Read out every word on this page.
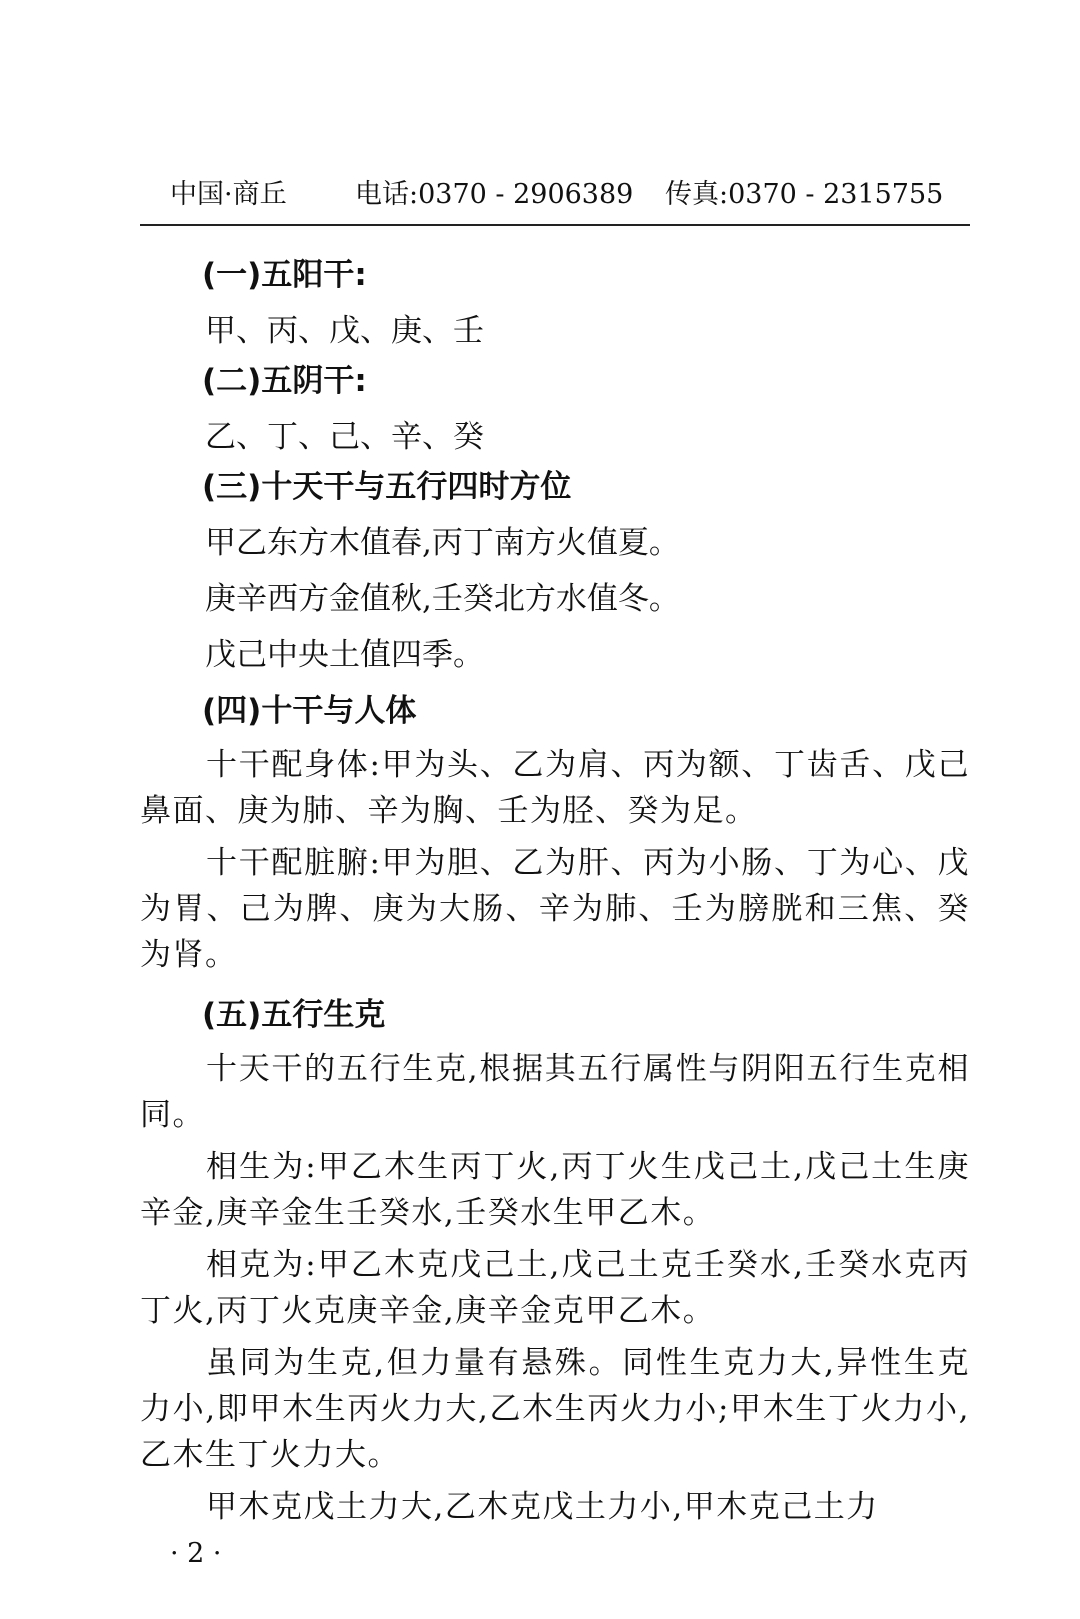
中国·商丘	电话:0370 - 2906389 传真:0370 - 2315755

(一)五阳干:

甲、丙、戊、庚、壬

(二)五阴干:

乙、丁、己、辛、癸

(三)十天干与五行四时方位

甲乙东方木值春,丙丁南方火值夏。

庚辛西方金值秋,壬癸北方水值冬。

戊己中央土值四季。

(四)十干与人体

十干配身体:甲为头、乙为肩、丙为额、丁齿舌、戊己鼻面、庚为肺、辛为胸、壬为胫、癸为足。

十干配脏腑:甲为胆、乙为肝、丙为小肠、丁为心、戊为胃、己为脾、庚为大肠、辛为肺、壬为膀胱和三焦、癸为肾。

(五)五行生克

十天干的五行生克,根据其五行属性与阴阳五行生克相同。

相生为:甲乙木生丙丁火,丙丁火生戊己土,戊己土生庚辛金,庚辛金生壬癸水,壬癸水生甲乙木。

相克为:甲乙木克戊己土,戊己土克壬癸水,壬癸水克丙丁火,丙丁火克庚辛金,庚辛金克甲乙木。

虽同为生克,但力量有悬殊。同性生克力大,异性生克力小,即甲木生丙火力大,乙木生丙火力小;甲木生丁火力小,乙木生丁火力大。

甲木克戊土力大,乙木克戊土力小,甲木克己土力

· 2 ·
